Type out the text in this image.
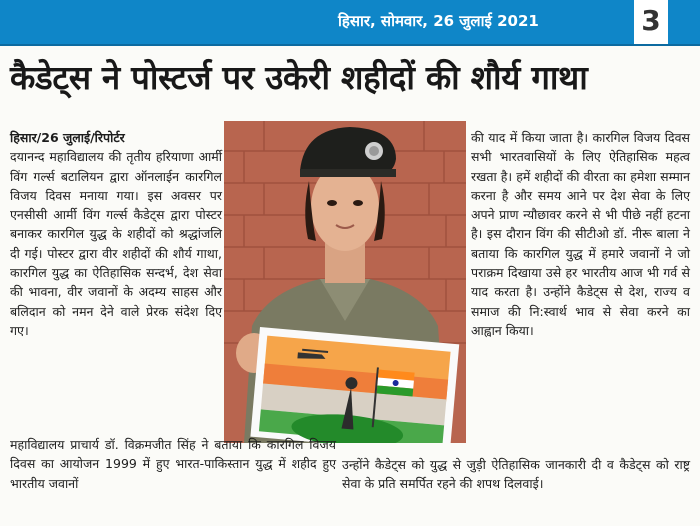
हिसार, सोमवार, 26 जुलाई 2021	3
कैडेट्स ने पोस्टर्ज पर उकेरी शहीदों की शौर्य गाथा
हिसार/26 जुलाई/रिपोर्टर
दयानन्द महाविद्यालय की तृतीय हरियाणा आर्मी विंग गर्ल्स बटालियन द्वारा ऑनलाईन कारगिल विजय दिवस मनाया गया। इस अवसर पर एनसीसी आर्मी विंग गर्ल्स कैडेट्स द्वारा पोस्टर बनाकर कारगिल युद्ध के शहीदों को श्रद्धांजलि दी गई। पोस्टर द्वारा वीर शहीदों की शौर्य गाथा, कारगिल युद्ध का ऐतिहासिक सन्दर्भ, देश सेवा की भावना, वीर जवानों के अदम्य साहस और बलिदान को नमन देने वाले प्रेरक संदेश दिए गए।
की याद में किया जाता है। कारगिल विजय दिवस सभी भारतवासियों के लिए ऐतिहासिक महत्व रखता है। हमें शहीदों की वीरता का हमेशा सम्मान करना है और समय आने पर देश सेवा के लिए अपने प्राण न्यौछावर करने से भी पीछे नहीं हटना है। इस दौरान विंग की सीटीओ डॉ. नीरू बाला ने बताया कि कारगिल युद्ध में हमारे जवानों ने जो पराक्रम दिखाया उसे हर भारतीय आज भी गर्व से याद करता है। उन्होंने कैडेट्स से देश, राज्य व समाज की नि:स्वार्थ भाव से सेवा करने का आह्वान किया।
महाविद्यालय प्राचार्य डॉ. विक्रमजीत सिंह ने बताया कि कारगिल विजय दिवस का आयोजन 1999 में हुए भारत-पाकिस्तान युद्ध में शहीद हुए भारतीय जवानों
उन्होंने कैडेट्स को युद्ध से जुड़ी ऐतिहासिक जानकारी दी व कैडेट्स को राष्ट्र सेवा के प्रति समर्पित रहने की शपथ दिलवाई।
